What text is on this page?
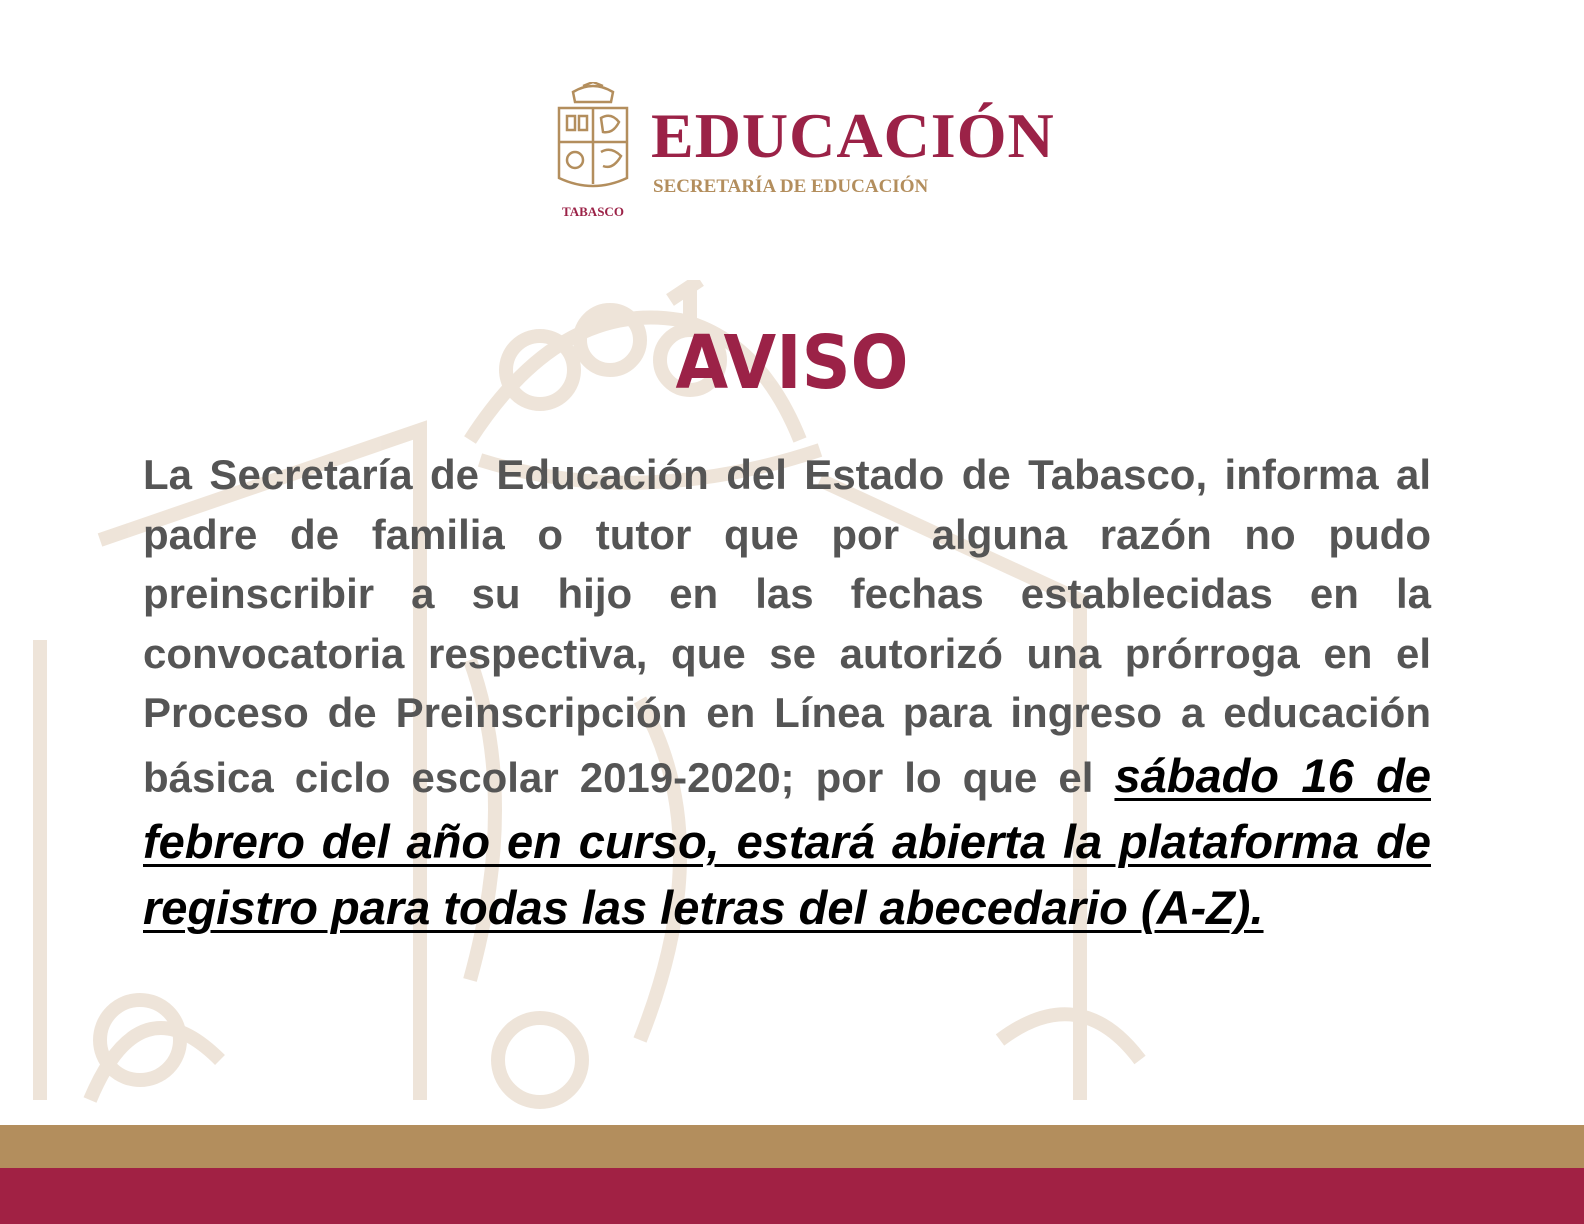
TABASCO
EDUCACIÓN
SECRETARÍA DE EDUCACIÓN
AVISO
La Secretaría de Educación del Estado de Tabasco, informa al padre de familia o tutor que por alguna razón no pudo preinscribir a su hijo en las fechas establecidas en la convocatoria respectiva, que se autorizó una prórroga en el Proceso de Preinscripción en Línea para ingreso a educación básica ciclo escolar 2019-2020; por lo que el sábado 16 de febrero del año en curso, estará abierta la plataforma de registro para todas las letras del abecedario (A-Z).
